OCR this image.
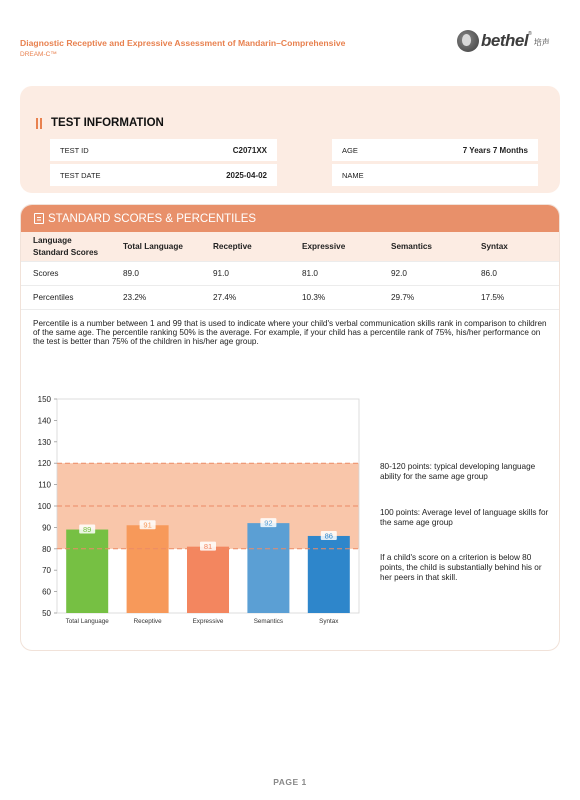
Diagnostic Receptive and Expressive Assessment of Mandarin–Comprehensive
DREAM-C™
bethel ®
培声
TEST INFORMATION
TEST ID	C2071XX	AGE	7 Years 7 Months
TEST DATE	2025-04-02	NAME
STANDARD SCORES & PERCENTILES
Language
Standard Scores
Total Language	Receptive	Expressive	Semantics	Syntax
Scores	89.0	91.0	81.0	92.0	86.0
Percentiles	23.2%	27.4%	10.3%	29.7%	17.5%
Percentile is a number between 1 and 99 that is used to indicate where your child's verbal communication skills rank in comparison to children of the same age. The percentile ranking 50% is the average. For example, if your child has a percentile rank of 75%, his/her performance on the test is better than 75% of the children in his/her age group.
89	91
81
92
86
50
60
70
80
90
100
110
120
130
140
150
Total Language	Receptive	Expressive	Semantics	Syntax
80-120 points: typical developing language ability for the same age group
100 points: Average level of language skills for the same age group
If a child's score on a criterion is below 80 points, the child is substantially behind his or her peers in that skill.
PAGE 1
